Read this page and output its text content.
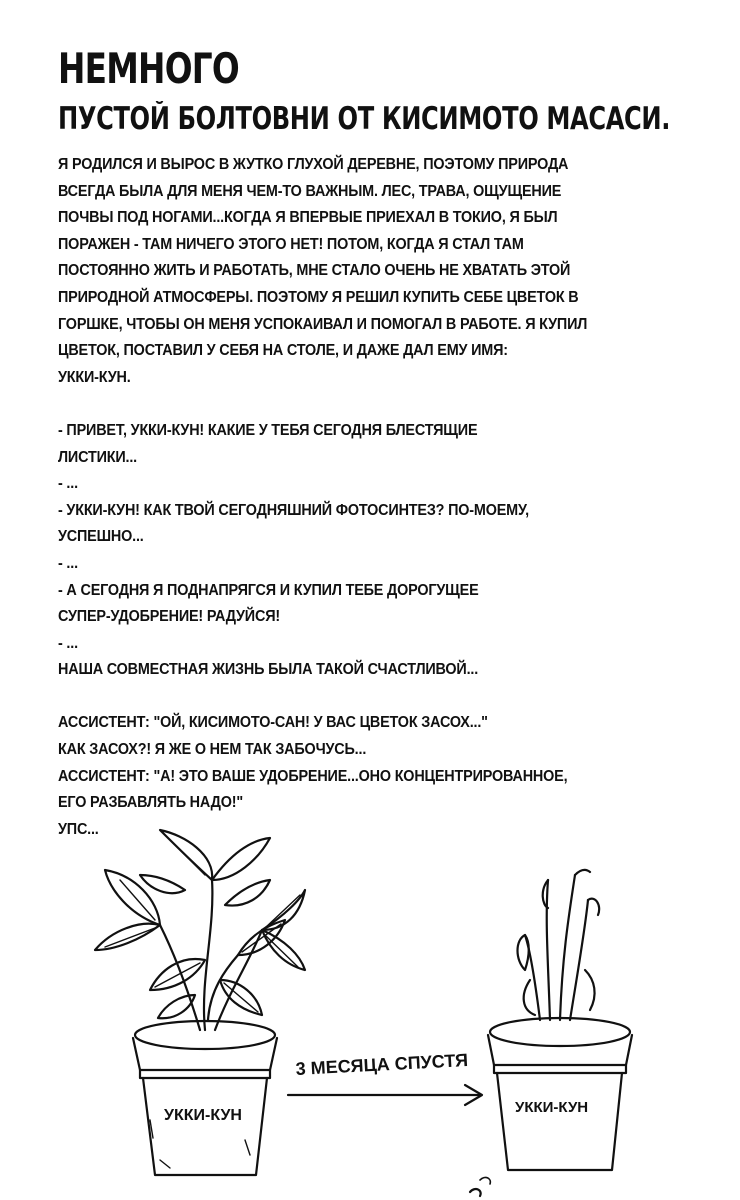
НЕМНОГО
ПУСТОЙ БОЛТОВНИ ОТ КИСИМОТО МАСАСИ.
Я РОДИЛСЯ И ВЫРОС В ЖУТКО ГЛУХОЙ ДЕРЕВНЕ, ПОЭТОМУ ПРИРОДА
ВСЕГДА БЫЛА ДЛЯ МЕНЯ ЧЕМ-ТО ВАЖНЫМ. ЛЕС, ТРАВА, ОЩУЩЕНИЕ
ПОЧВЫ ПОД НОГАМИ...КОГДА Я ВПЕРВЫЕ ПРИЕХАЛ В ТОКИО, Я БЫЛ
ПОРАЖЕН - ТАМ НИЧЕГО ЭТОГО НЕТ! ПОТОМ, КОГДА Я СТАЛ ТАМ
ПОСТОЯННО ЖИТЬ И РАБОТАТЬ, МНЕ СТАЛО ОЧЕНЬ НЕ ХВАТАТЬ ЭТОЙ
ПРИРОДНОЙ АТМОСФЕРЫ. ПОЭТОМУ Я РЕШИЛ КУПИТЬ СЕБЕ ЦВЕТОК В
ГОРШКЕ, ЧТОБЫ ОН МЕНЯ УСПОКАИВАЛ И ПОМОГАЛ В РАБОТЕ. Я КУПИЛ
ЦВЕТОК, ПОСТАВИЛ У СЕБЯ НА СТОЛЕ, И ДАЖЕ ДАЛ ЕМУ ИМЯ:
УККИ-КУН.
- ПРИВЕТ, УККИ-КУН! КАКИЕ У ТЕБЯ СЕГОДНЯ БЛЕСТЯЩИЕ
ЛИСТИКИ...
- ...
- УККИ-КУН! КАК ТВОЙ СЕГОДНЯШНИЙ ФОТОСИНТЕЗ? ПО-МОЕМУ,
УСПЕШНО...
- ...
- А СЕГОДНЯ Я ПОДНАПРЯГСЯ И КУПИЛ ТЕБЕ ДОРОГУЩЕЕ
СУПЕР-УДОБРЕНИЕ! РАДУЙСЯ!
- ...
НАША СОВМЕСТНАЯ ЖИЗНЬ БЫЛА ТАКОЙ СЧАСТЛИВОЙ...
АССИСТЕНТ: "ОЙ, КИСИМОТО-САН! У ВАС ЦВЕТОК ЗАСОХ..."
КАК ЗАСОХ?! Я ЖЕ О НЕМ ТАК ЗАБОЧУСЬ...
АССИСТЕНТ: "А! ЭТО ВАШЕ УДОБРЕНИЕ...ОНО КОНЦЕНТРИРОВАННОЕ,
ЕГО РАЗБАВЛЯТЬ НАДО!"
УПС...
3 МЕСЯЦА СПУСТЯ
УККИ-КУН	УККИ-КУН
